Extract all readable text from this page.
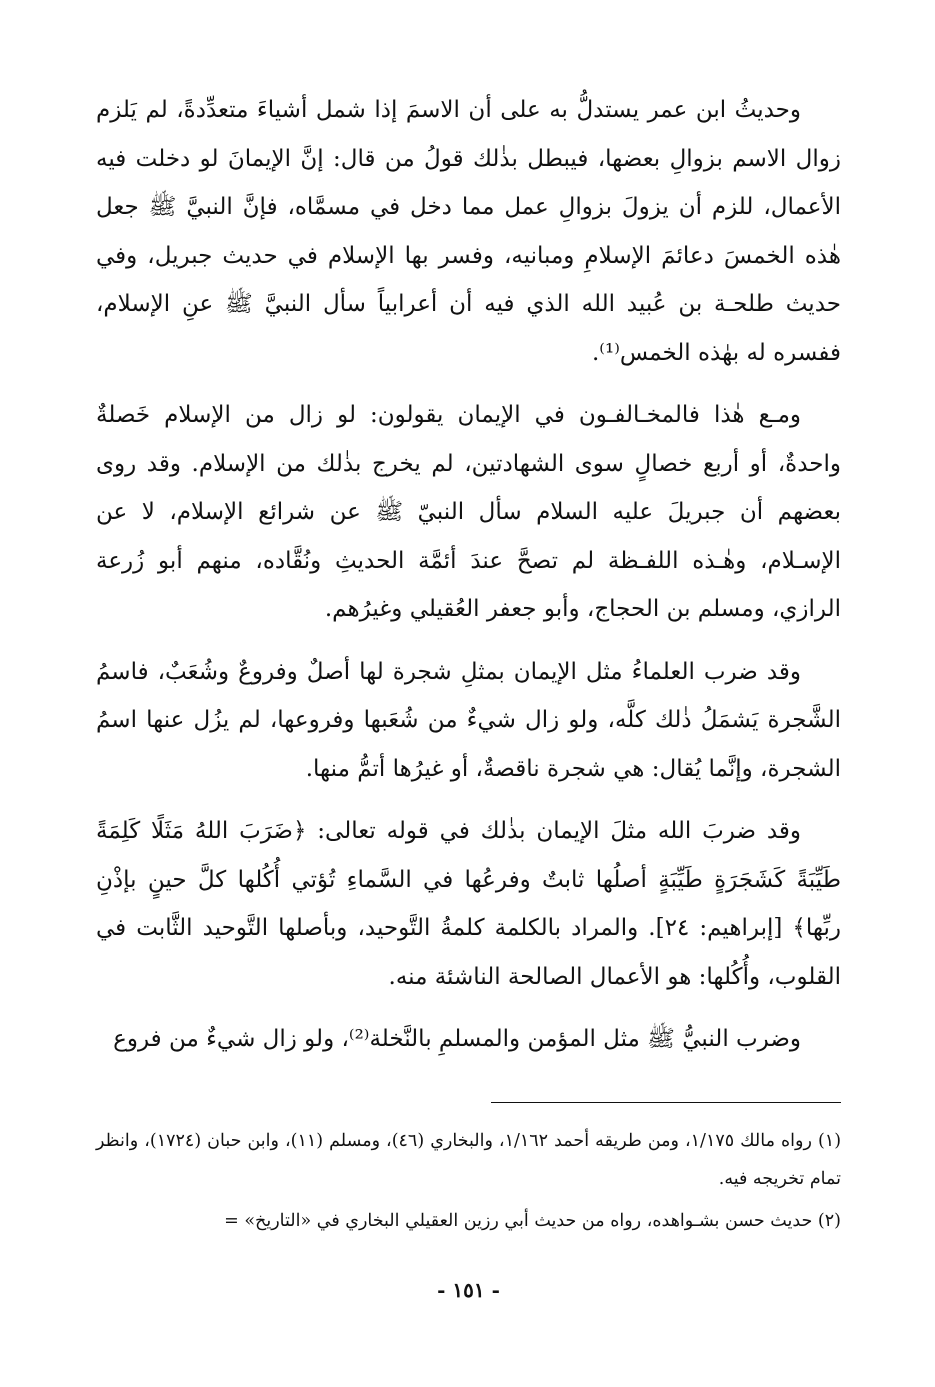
وحديثُ ابن عمر يستدلُّ به على أن الاسمَ إذا شمل أشياءَ متعدِّدةً، لم يَلزم زوال الاسم بزوالِ بعضها، فيبطل بذٰلك قولُ من قال: إنَّ الإيمانَ لو دخلت فيه الأعمال، للزم أن يزولَ بزوالِ عمل مما دخل في مسمَّاه، فإنَّ النبيَّ ﷺ جعل هٰذه الخمسَ دعائمَ الإسلامِ ومبانيه، وفسر بها الإسلام في حديث جبريل، وفي حديث طلحـة بن عُبيد الله الذي فيه أن أعرابياً سأل النبيَّ ﷺ عنِ الإسلام، ففسره له بهٰذه الخمس⁽¹⁾.

ومـع هٰذا فالمخـالفـون في الإيمان يقولون: لو زال من الإسلام خَصلةٌ واحدةٌ، أو أربع خصالٍ سوى الشهادتين، لم يخرج بذٰلك من الإسلام. وقد روى بعضهم أن جبريلَ عليه السلام سأل النبيّ ﷺ عن شرائع الإسلام، لا عن الإسـلام، وهٰـذه اللفـظة لم تصحَّ عندَ أئمَّة الحديثِ ونُقَّاده، منهم أبو زُرعة الرازي، ومسلم بن الحجاج، وأبو جعفر العُقيلي وغيرُهم.

وقد ضرب العلماءُ مثل الإيمان بمثلِ شجرة لها أصلٌ وفروعٌ وشُعَبٌ، فاسمُ الشَّجرة يَشمَلُ ذٰلك كلَّه، ولو زال شيءٌ من شُعَبها وفروعها، لم يزُل عنها اسمُ الشجرة، وإنَّما يُقال: هي شجرة ناقصةٌ، أو غيرُها أتمُّ منها.

وقد ضربَ الله مثلَ الإيمان بذٰلك في قوله تعالى: ﴿ضَرَبَ اللهُ مَثَلًا كَلِمَةً طَيِّبَةً كَشَجَرَةٍ طَيِّبَةٍ أصلُها ثابتٌ وفرعُها في السَّماءِ تُؤتي أُكُلها كلَّ حينٍ بإذْنِ ربِّها﴾ [إبراهيم: ٢٤]. والمراد بالكلمة كلمةُ التَّوحيد، وبأصلها التَّوحيد الثَّابت في القلوب، وأُكُلها: هو الأعمال الصالحة الناشئة منه.

وضرب النبيُّ ﷺ مثل المؤمن والمسلمِ بالنَّخلة⁽²⁾، ولو زال شيءٌ من فروع

(١) رواه مالك ١/١٧٥، ومن طريقه أحمد ١/١٦٢، والبخاري (٤٦)، ومسلم (١١)، وابن حبان (١٧٢٤)، وانظر تمام تخريجه فيه.

(٢) حديث حسن بشـواهده، رواه من حديث أبي رزين العقيلي البخاري في «التاريخ» =

- ١٥١ -
